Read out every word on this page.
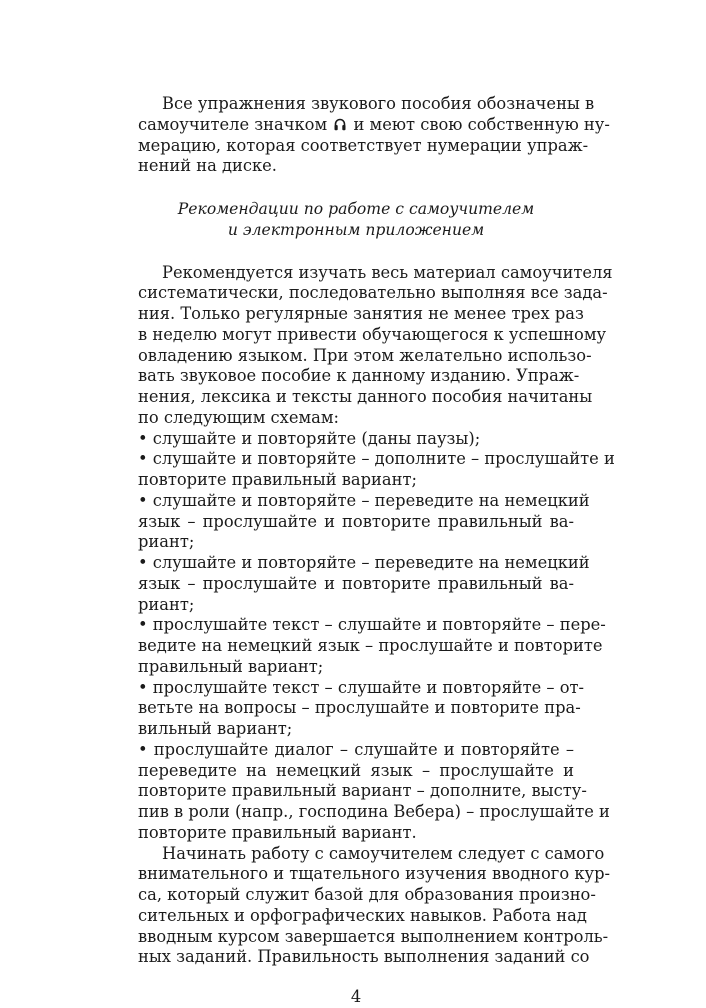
Все упражнения звукового пособия обозначены в
самоучителе значком и меют свою собственную ну-
мерацию, которая соответствует нумерации упраж-
нений на диске.
Рекомендации по работе с самоучителем
и электронным приложением
Рекомендуется изучать весь материал самоучителя
систематически, последовательно выполняя все зада-
ния. Только регулярные занятия не менее трех раз
в неделю могут привести обучающегося к успешному
овладению языком. При этом желательно использо-
вать звуковое пособие к данному изданию. Упраж-
нения, лексика и тексты данного пособия начитаны
по следующим схемам:
• слушайте и повторяйте (даны паузы);
• слушайте и повторяйте – дополните – прослушайте и
повторите правильный вариант;
• слушайте и повторяйте – переведите на немецкий
язык – прослушайте и повторите правильный ва-
риант;
• слушайте и повторяйте – переведите на немецкий
язык – прослушайте и повторите правильный ва-
риант;
• прослушайте текст – слушайте и повторяйте – пере-
ведите на немецкий язык – прослушайте и повторите
правильный вариант;
• прослушайте текст – слушайте и повторяйте – от-
ветьте на вопросы – прослушайте и повторите пра-
вильный вариант;
• прослушайте диалог – слушайте и повторяйте –
переведите на немецкий язык – прослушайте и
повторите правильный вариант – дополните, высту-
пив в роли (напр., господина Вебера) – прослушайте и
повторите правильный вариант.
Начинать работу с самоучителем следует с самого
внимательного и тщательного изучения вводного кур-
са, который служит базой для образования произно-
сительных и орфографических навыков. Работа над
вводным курсом завершается выполнением контроль-
ных заданий. Правильность выполнения заданий со
4
